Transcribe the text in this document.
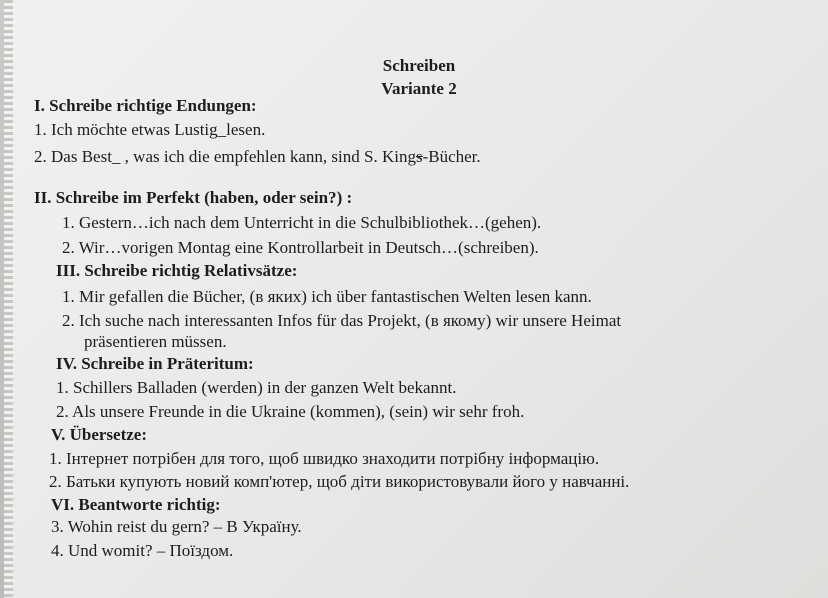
Schreiben
Variante 2
I. Schreibe richtige Endungen:
1. Ich möchte etwas Lustig_lesen.
2. Das Best_ , was ich die empfehlen kann, sind S. Kings-Bücher.
II. Schreibe im Perfekt (haben, oder sein?) :
1. Gestern…ich nach dem Unterricht in die Schulbibliothek…(gehen).
2. Wir…vorigen Montag eine Kontrollarbeit in Deutsch…(schreiben).
III. Schreibe richtig Relativsätze:
1. Mir gefallen die Bücher, (в яких) ich über fantastischen Welten lesen kann.
2. Ich suche nach interessanten Infos für das Projekt, (в якому) wir unsere Heimat
präsentieren müssen.
IV. Schreibe in Präteritum:
1. Schillers Balladen (werden) in der ganzen Welt bekannt.
2. Als unsere Freunde in die Ukraine (kommen), (sein) wir sehr froh.
V. Übersetze:
1. Інтернет потрібен для того, щоб швидко знаходити потрібну інформацію.
2. Батьки купують новий комп'ютер, щоб діти використовували його у навчанні.
VI. Beantworte richtig:
3. Wohin reist du gern? – В Україну.
4. Und womit? – Поїздом.
